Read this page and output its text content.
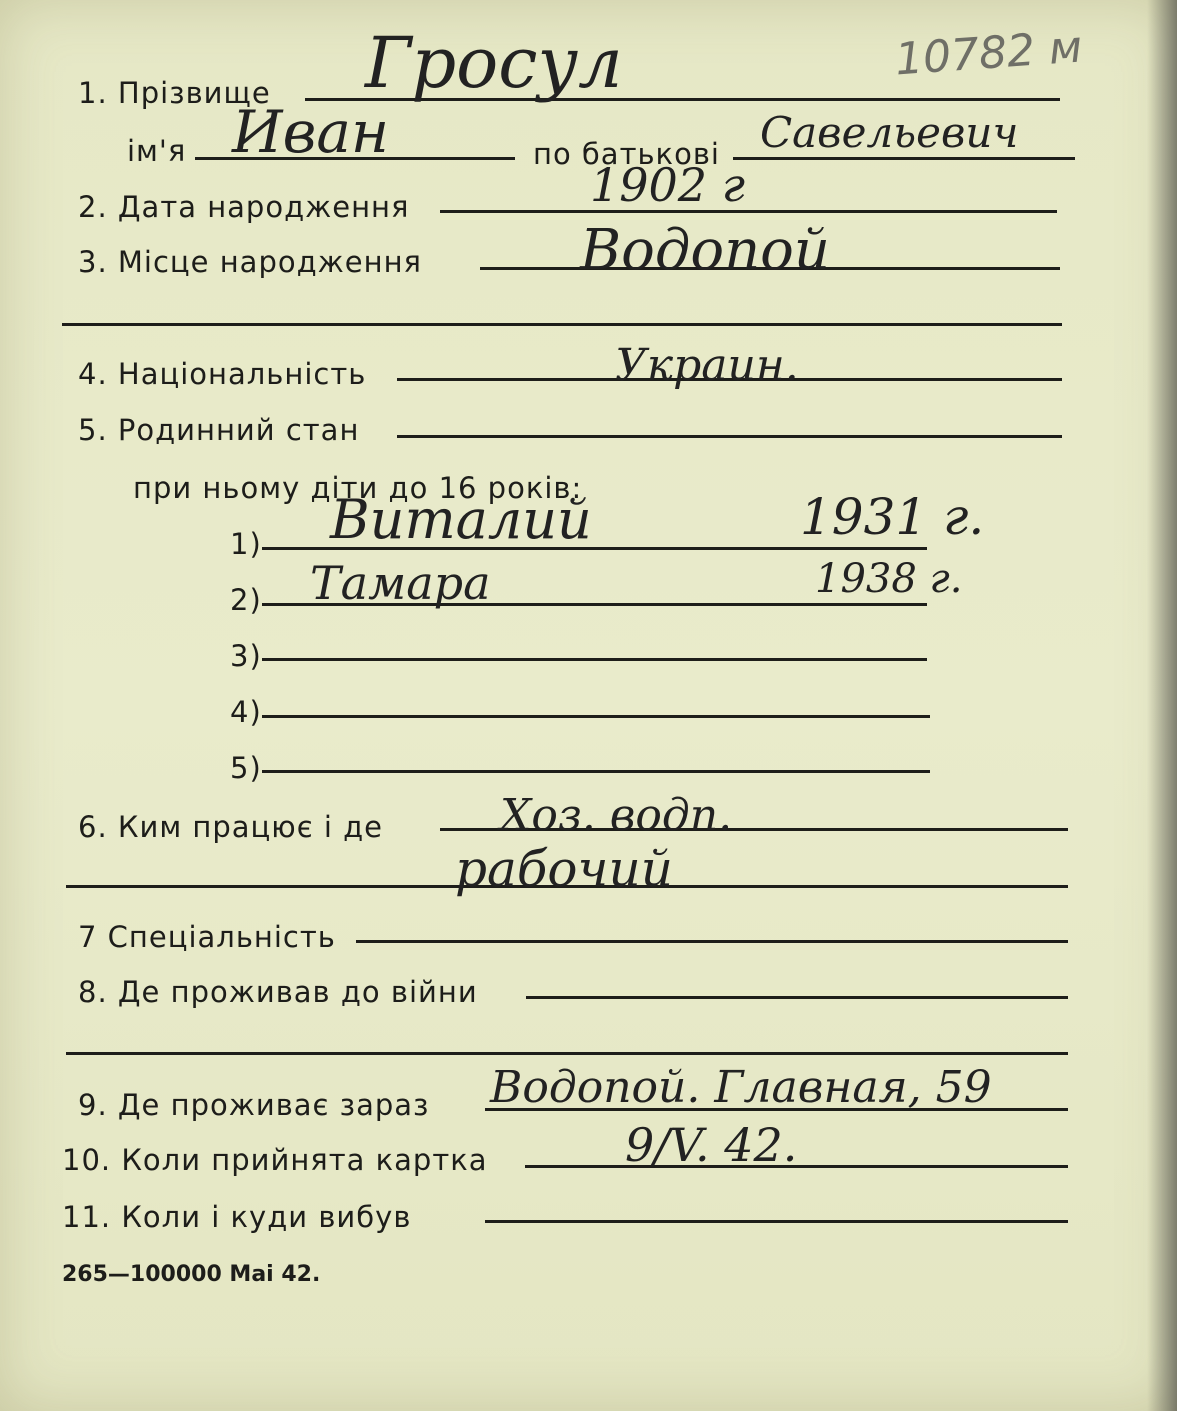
10782 м
1. Прізвище Гросул
ім'я Иван	по батькові Савельевич
2. Дата народження	1902 г
3. Місце народження	Водопой
4. Національність	Украин.
5. Родинний стан
при ньому діти до 16 років:
1) Виталий	1931 г.
2) Тамара	1938 г.
3)
4)
5)
6. Ким працює і де	Хоз. водп.
рабочий
7 Спеціальність
8. Де проживав до війни
9. Де проживає зараз Водопой. Главная, 59
10. Коли прийнята картка	9/V. 42.
11. Коли і куди вибув
265—100000 Mai 42.
